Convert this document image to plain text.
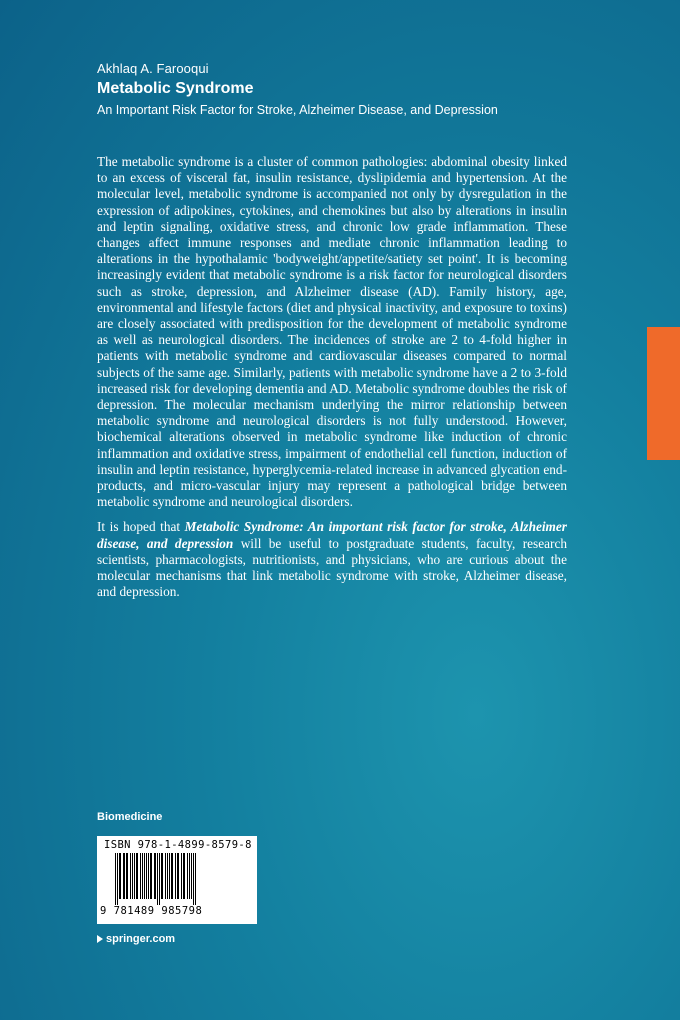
Akhlaq A. Farooqui
Metabolic Syndrome
An Important Risk Factor for Stroke, Alzheimer Disease, and Depression

The metabolic syndrome is a cluster of common pathologies: abdominal obesity linked to an excess of visceral fat, insulin resistance, dyslipidemia and hypertension. At the molecular level, metabolic syndrome is accompanied not only by dysregulation in the expression of adipokines, cytokines, and chemokines but also by alterations in insulin and leptin signaling, oxidative stress, and chronic low grade inflammation. These changes affect immune responses and mediate chronic inflammation leading to alterations in the hypothalamic 'bodyweight/appetite/satiety set point'. It is becoming increasingly evident that metabolic syndrome is a risk factor for neurological disorders such as stroke, depression, and Alzheimer disease (AD). Family history, age, environmental and lifestyle factors (diet and physical inactivity, and exposure to toxins) are closely associated with predisposition for the development of metabolic syndrome as well as neurological disorders. The incidences of stroke are 2 to 4-fold higher in patients with metabolic syndrome and cardiovascular diseases compared to normal subjects of the same age. Similarly, patients with metabolic syndrome have a 2 to 3-fold increased risk for developing dementia and AD. Metabolic syndrome doubles the risk of depression. The molecular mechanism underlying the mirror relationship between metabolic syndrome and neurological disorders is not fully understood. However, biochemical alterations observed in metabolic syndrome like induction of chronic inflammation and oxidative stress, impairment of endothelial cell function, induction of insulin and leptin resistance, hyperglycemia-related increase in advanced glycation end-products, and micro-vascular injury may represent a pathological bridge between metabolic syndrome and neurological disorders.

It is hoped that Metabolic Syndrome: An important risk factor for stroke, Alzheimer disease, and depression will be useful to postgraduate students, faculty, research scientists, pharmacologists, nutritionists, and physicians, who are curious about the molecular mechanisms that link metabolic syndrome with stroke, Alzheimer disease, and depression.

Biomedicine
ISBN 978-1-4899-8579-8
9 781489 985798
springer.com
